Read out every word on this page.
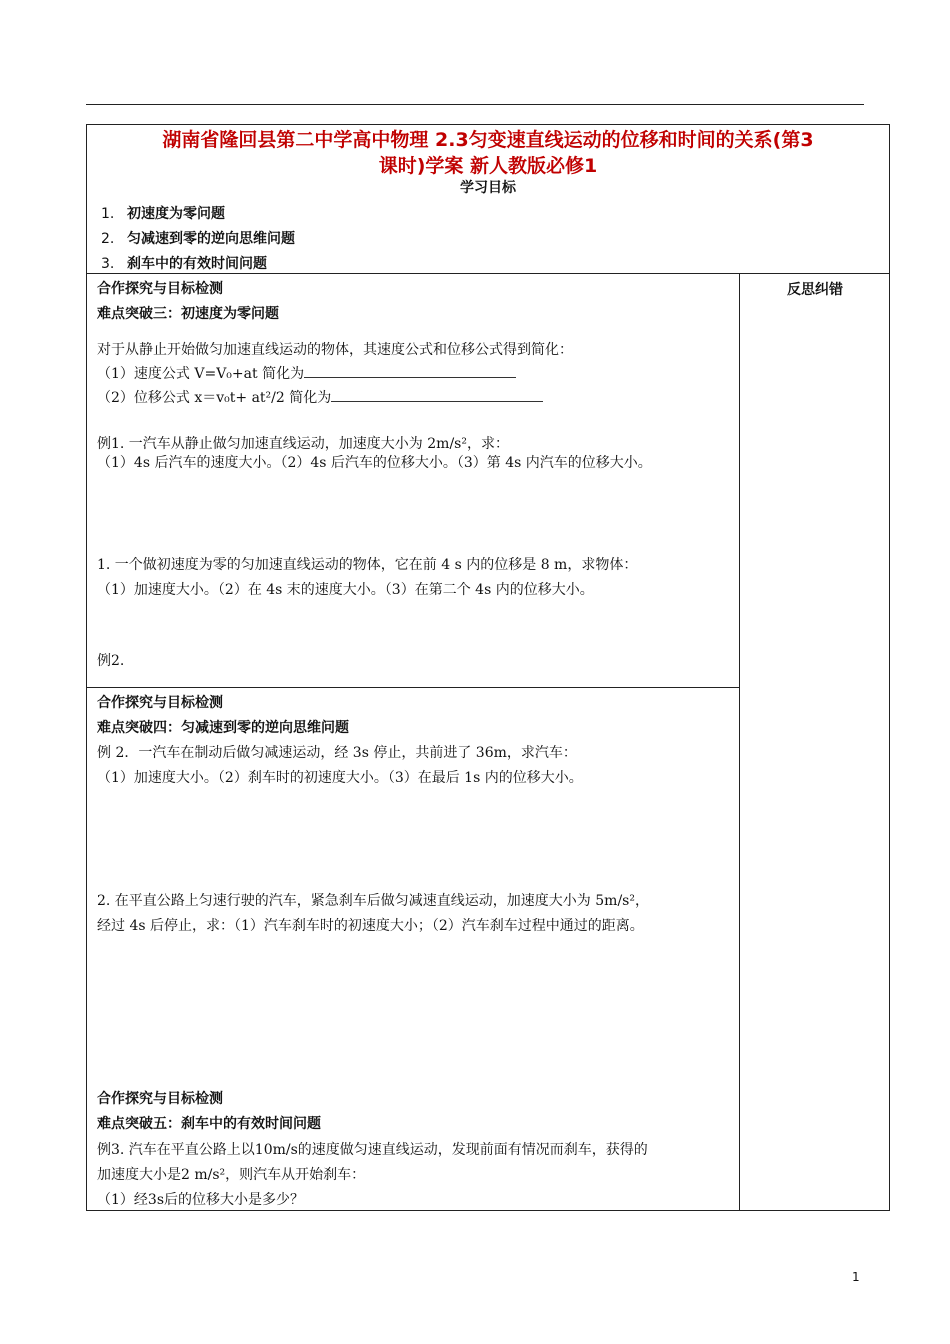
湖南省隆回县第二中学高中物理 2.3匀变速直线运动的位移和时间的关系(第3
课时)学案 新人教版必修1
学习目标
1. 初速度为零问题
2. 匀减速到零的逆向思维问题
3. 刹车中的有效时间问题
反思纠错
合作探究与目标检测
难点突破三：初速度为零问题
对于从静止开始做匀加速直线运动的物体，其速度公式和位移公式得到简化：
（1）速度公式 V=V₀+at 简化为
（2）位移公式 x＝v₀t+ at²/2 简化为
例1. 一汽车从静止做匀加速直线运动，加速度大小为 2m/s²，求：
（1）4s 后汽车的速度大小。（2）4s 后汽车的位移大小。（3）第 4s 内汽车的位移大小。
1. 一个做初速度为零的匀加速直线运动的物体，它在前 4 s 内的位移是 8 m，求物体：
（1）加速度大小。（2）在 4s 末的速度大小。（3）在第二个 4s 内的位移大小。
例2.
合作探究与目标检测
难点突破四：匀减速到零的逆向思维问题
例 2．一汽车在制动后做匀减速运动，经 3s 停止，共前进了 36m，求汽车：
（1）加速度大小。（2）刹车时的初速度大小。（3）在最后 1s 内的位移大小。
2. 在平直公路上匀速行驶的汽车，紧急刹车后做匀减速直线运动，加速度大小为 5m/s²，
经过 4s 后停止，求：（1）汽车刹车时的初速度大小；（2）汽车刹车过程中通过的距离。
合作探究与目标检测
难点突破五：刹车中的有效时间问题
例3. 汽车在平直公路上以10m/s的速度做匀速直线运动，发现前面有情况而刹车，获得的
加速度大小是2 m/s²，则汽车从开始刹车：
（1）经3s后的位移大小是多少？
1
